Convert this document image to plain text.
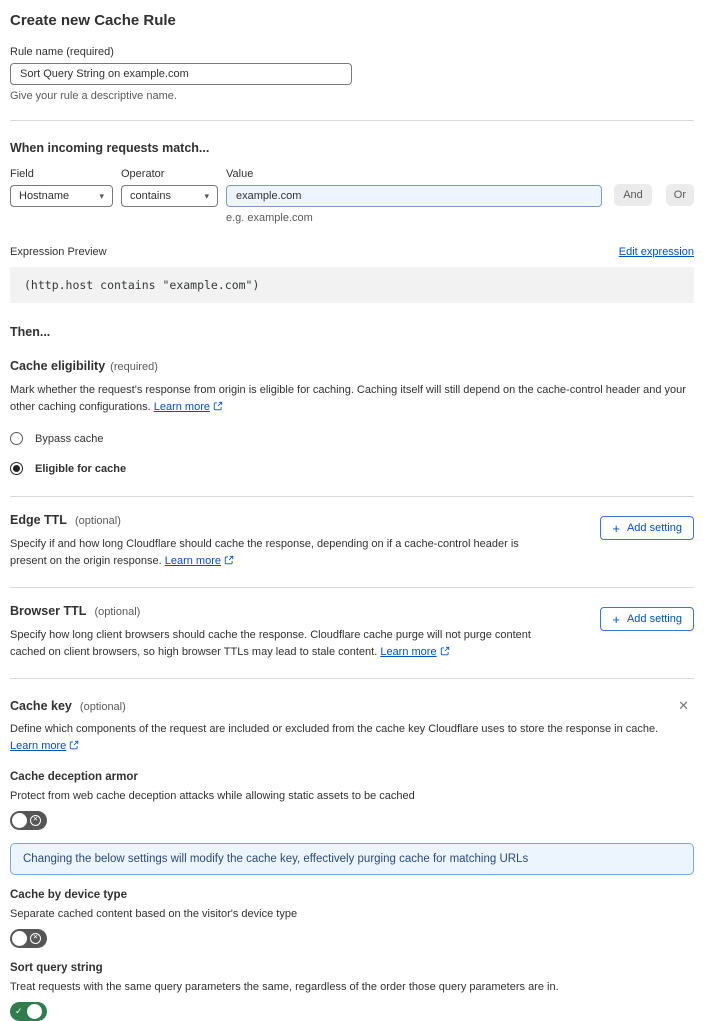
Create new Cache Rule
Rule name (required)
Sort Query String on example.com
Give your rule a descriptive name.
When incoming requests match...
Field
Hostname	▾
Operator
contains	▾
Value
example.com
e.g. example.com
And	Or
Expression Preview	Edit expression
(http.host contains "example.com")
Then...
Cache eligibility (required)
Mark whether the request's response from origin is eligible for caching. Caching itself will still depend on the cache-control header and your other caching configurations. Learn more
Bypass cache
Eligible for cache
Edge TTL (optional)
Specify if and how long Cloudflare should cache the response, depending on if a cache-control header is present on the origin response. Learn more
+ Add setting
Browser TTL (optional)
Specify how long client browsers should cache the response. Cloudflare cache purge will not purge content cached on client browsers, so high browser TTLs may lead to stale content. Learn more
+ Add setting
✕
Cache key (optional)
Define which components of the request are included or excluded from the cache key Cloudflare uses to store the response in cache.
Learn more
Cache deception armor
Protect from web cache deception attacks while allowing static assets to be cached
✕
Changing the below settings will modify the cache key, effectively purging cache for matching URLs
Cache by device type
Separate cached content based on the visitor's device type
✕
Sort query string
Treat requests with the same query parameters the same, regardless of the order those query parameters are in.
✓
